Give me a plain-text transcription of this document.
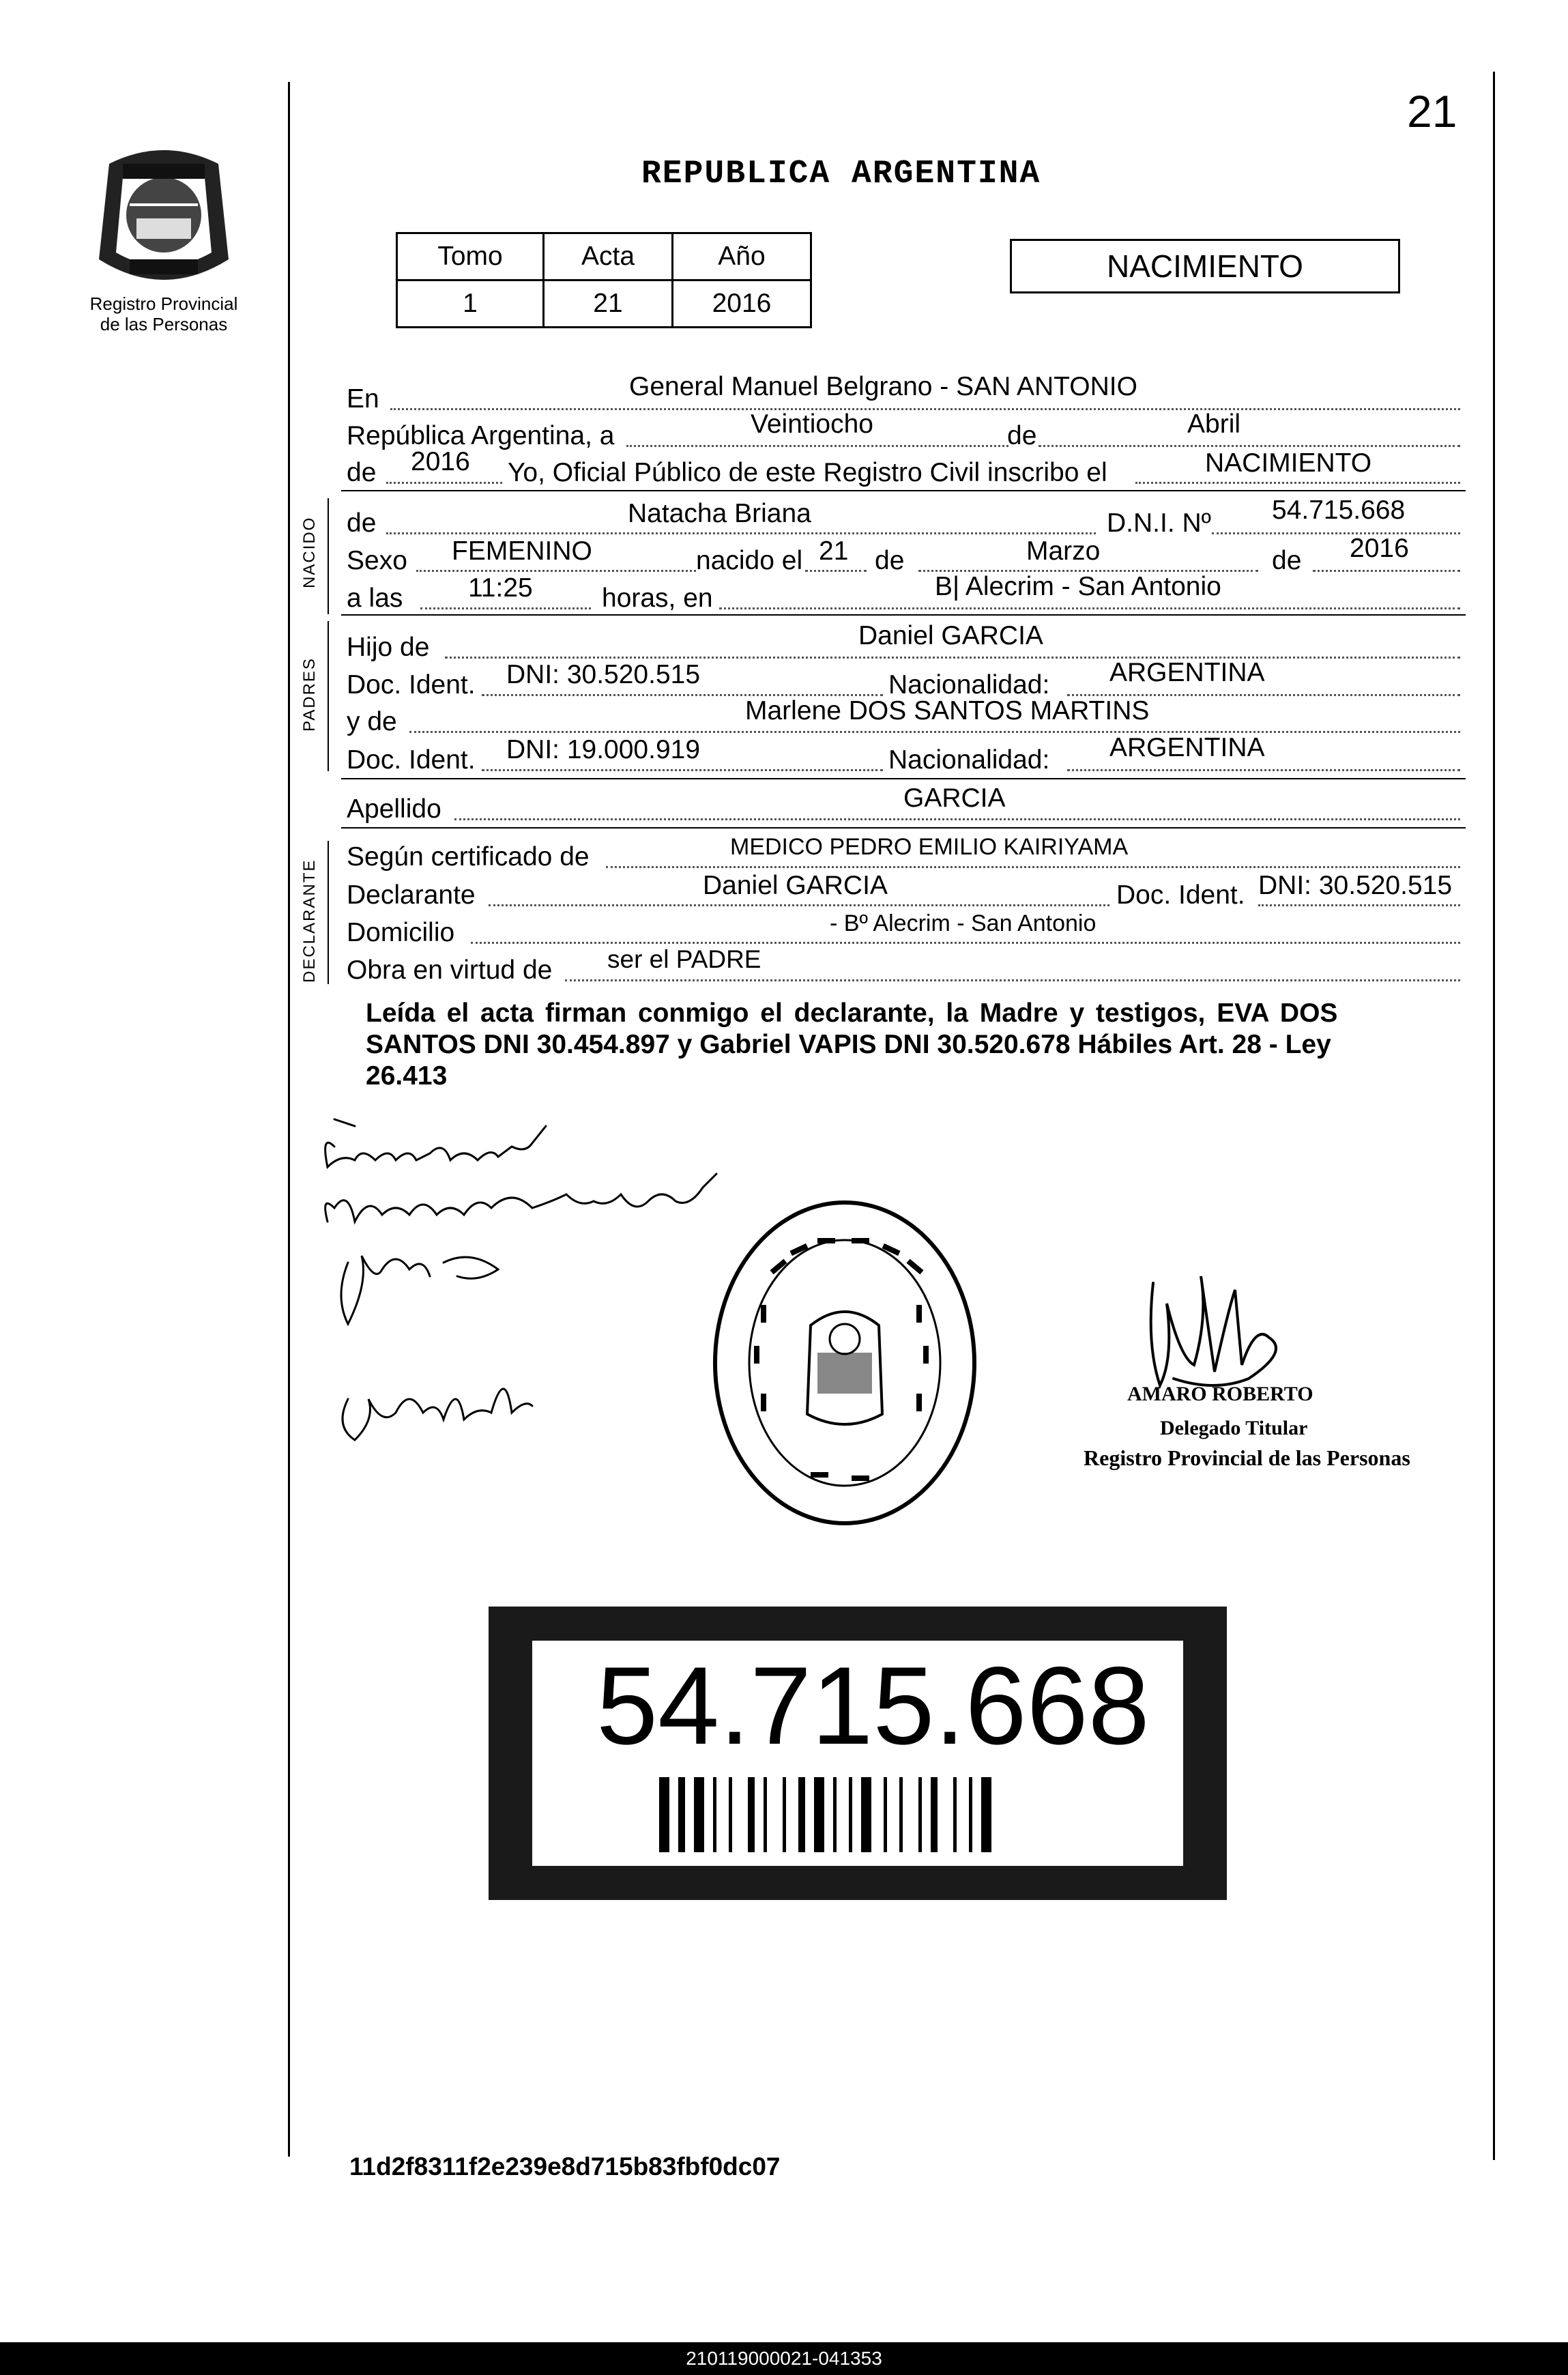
21
Registro Provincial
de las Personas
REPUBLICA ARGENTINA
Tomo	Acta	Año
1	21	2016
NACIMIENTO
En	General Manuel Belgrano - SAN ANTONIO
República Argentina, a	Veintiocho	de	Abril
de 2016 Yo, Oficial Público de este Registro Civil inscribo el	NACIMIENTO
NACIDO de	Natacha Briana	D.N.I. Nº 54.715.668
Sexo FEMENINO	nacido el 21 de	Marzo	de 2016
a las 11:25	horas, en	B| Alecrim - San Antonio
PADRES
Hijo de	Daniel GARCIA
Doc. Ident. DNI: 30.520.515	Nacionalidad: ARGENTINA
y de	Marlene DOS SANTOS MARTINS
Doc. Ident. DNI: 19.000.919	Nacionalidad: ARGENTINA
Apellido	GARCIA
DECLARANTE
Según certificado de	MEDICO PEDRO EMILIO KAIRIYAMA
Declarante	Daniel GARCIA	Doc. Ident. DNI: 30.520.515
Domicilio	- Bº Alecrim - San Antonio
Obra en virtud de ser el PADRE
Leída el acta firman conmigo el declarante, la Madre y testigos, EVA DOS
SANTOS DNI 30.454.897 y Gabriel VAPIS DNI 30.520.678 Hábiles Art. 28 - Ley
26.413
AMARO ROBERTO
Delegado Titular
Registro Provincial de las Personas
54.715.668
11d2f8311f2e239e8d715b83fbf0dc07
210119000021-041353
